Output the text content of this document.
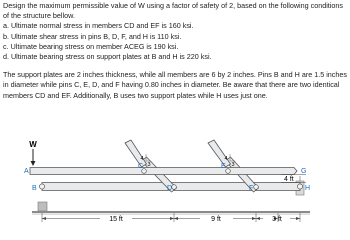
Design the maximum permissible value of W using a factor of safety of 2, based on the following conditions of the structure bellow.

a. Ultimate normal stress in members CD and EF is 160 ksi.

b. Ultimate shear stress in pins B, D, F, and H is 110 ksi.

c. Ultimate bearing stress on member ACEG is 190 ksi.

d. Ultimate bearing stress on support plates at B and H is 220 ksi.

The support plates are 2 inches thickness, while all members are 6 by 2 inches. Pins B and H are 1.5 inches in diameter while pins C, E, D, and F having 0.80 inches in diameter. Be aware that there are two identical members CD and EF. Additionally, B uses two support plates while H uses just one.

W
A
B
C
D
E
F
G
H
4
3
4
3
15 ft	9 ft	3 ft
4 ft
